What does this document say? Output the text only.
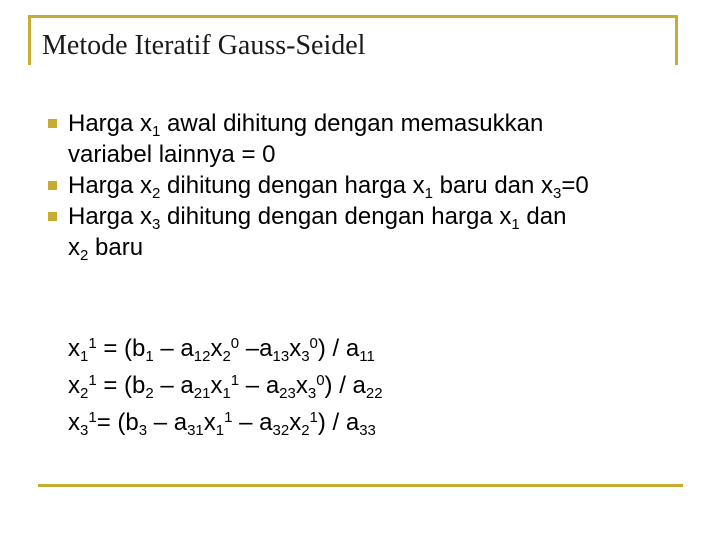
Metode Iteratif Gauss-Seidel

Harga $x_1$ awal dihitung dengan memasukkan
variabel lainnya = 0

Harga $x_2$ dihitung dengan harga $x_1$ baru dan $x_3=0$

Harga $x_3$ dihitung dengan dengan harga $x_1$ dan
$x_2$ baru

$x_1^1 = (b_1 - a_{12}x_2^0$ $-a_{13}x_3^0) / a_{11}$
$x_2^1 = (b_2 - a_{21}x_1^1 - a_{23}x_3^0) / a_{22}$
$x_3^1= (b_3 - a_{31}x_1^1 - a_{32}x_2^1) / a_{33}$
